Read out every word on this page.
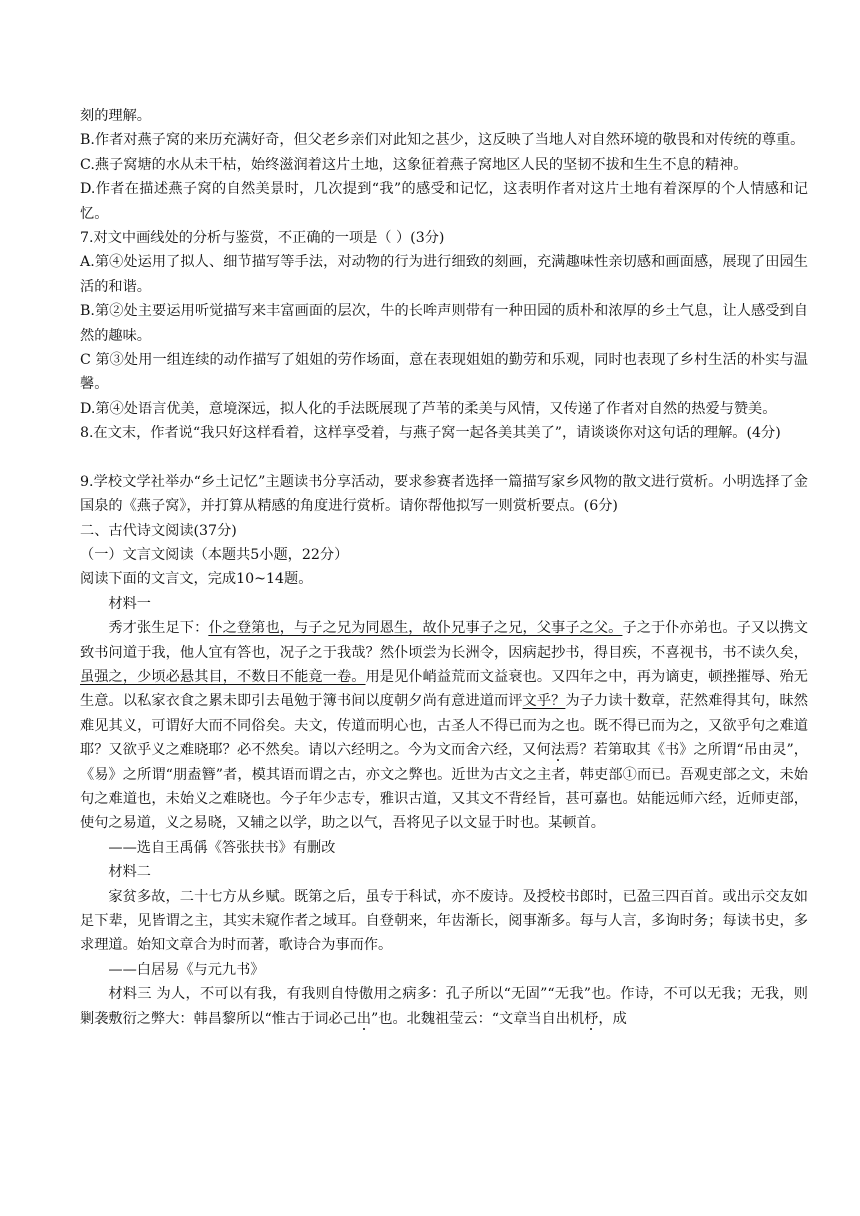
刻的理解。
B.作者对燕子窝的来历充满好奇，但父老乡亲们对此知之甚少，这反映了当地人对自然环境的敬畏和对传统的尊重。
C.燕子窝塘的水从未干枯，始终滋润着这片土地，这象征着燕子窝地区人民的坚韧不拔和生生不息的精神。
D.作者在描述燕子窝的自然美景时，几次提到“我”的感受和记忆，这表明作者对这片土地有着深厚的个人情感和记忆。
7.对文中画线处的分析与鉴赏，不正确的一项是（ ）(3分)
A.第④处运用了拟人、细节描写等手法，对动物的行为进行细致的刻画，充满趣味性亲切感和画面感，展现了田园生活的和谐。
B.第②处主要运用听觉描写来丰富画面的层次，牛的长哞声则带有一种田园的质朴和浓厚的乡土气息，让人感受到自然的趣味。
C 第③处用一组连续的动作描写了姐姐的劳作场面，意在表现姐姐的勤劳和乐观，同时也表现了乡村生活的朴实与温馨。
D.第④处语言优美，意境深远，拟人化的手法既展现了芦苇的柔美与风情，又传递了作者对自然的热爱与赞美。
8.在文末，作者说“我只好这样看着，这样享受着，与燕子窝一起各美其美了”，请谈谈你对这句话的理解。(4分)
9.学校文学社举办“乡土记忆”主题读书分享活动，要求参赛者选择一篇描写家乡风物的散文进行赏析。小明选择了金国泉的《燕子窝》，并打算从精感的角度进行赏析。请你帮他拟写一则赏析要点。(6分)
二、古代诗文阅读(37分)
（一）文言文阅读（本题共5小题，22分）
阅读下面的文言文，完成10~14题。
材料一
秀才张生足下：仆之登第也，与子之兄为同恩生，故仆兄事子之兄，父事子之父。子之于仆亦弟也。子又以携文致书问道于我，他人宜有答也，况子之于我哉？然仆顷尝为长洲令，因病起抄书，得目疾，不喜视书，书不读久矣，虽强之，少顷必悬其目，不数日不能竟一卷。用是见仆峭益荒而文益衰也。又四年之中，再为谪吏，顿挫摧辱、殆无生意。以私家衣食之累未即引去黾勉于簿书间以度朝夕尚有意进道而评文乎？为子力读十数章，茫然难得其句，昧然难见其义，可谓好大而不同俗矣。夫文，传道而明心也，古圣人不得已而为之也。既不得已而为之，又欲乎句之难道耶？又欲乎义之难晓耶？必不然矣。请以六经明之。今为文而舍六经，又何法焉？若第取其《书》之所谓“吊由灵”，《易》之所谓“朋盍簪”者，模其语而谓之古，亦文之弊也。近世为古文之主者，韩吏部①而已。吾观吏部之文，未始句之难道也，未始义之难晓也。今子年少志专，雅识古道，又其文不背经旨，甚可嘉也。姑能远师六经，近师吏部，使句之易道，义之易晓，又辅之以学，助之以气，吾将见子以文显于时也。某顿首。
——选自王禹偁《答张扶书》有删改
材料二
家贫多故，二十七方从乡赋。既第之后，虽专于科试，亦不废诗。及授校书郎时，已盈三四百首。或出示交友如足下辈，见皆谓之主，其实未窥作者之域耳。自登朝来，年齿渐长，阅事渐多。每与人言，多询时务；每读书史，多求理道。始知文章合为时而著，歌诗合为事而作。
——白居易《与元九书》
材料三 为人，不可以有我，有我则自恃傲用之病多：孔子所以“无固”“无我”也。作诗，不可以无我；无我，则剿袭敷衍之弊大：韩昌黎所以“惟古于词必己出”也。北魏祖莹云：“文章当自出机杼，成
